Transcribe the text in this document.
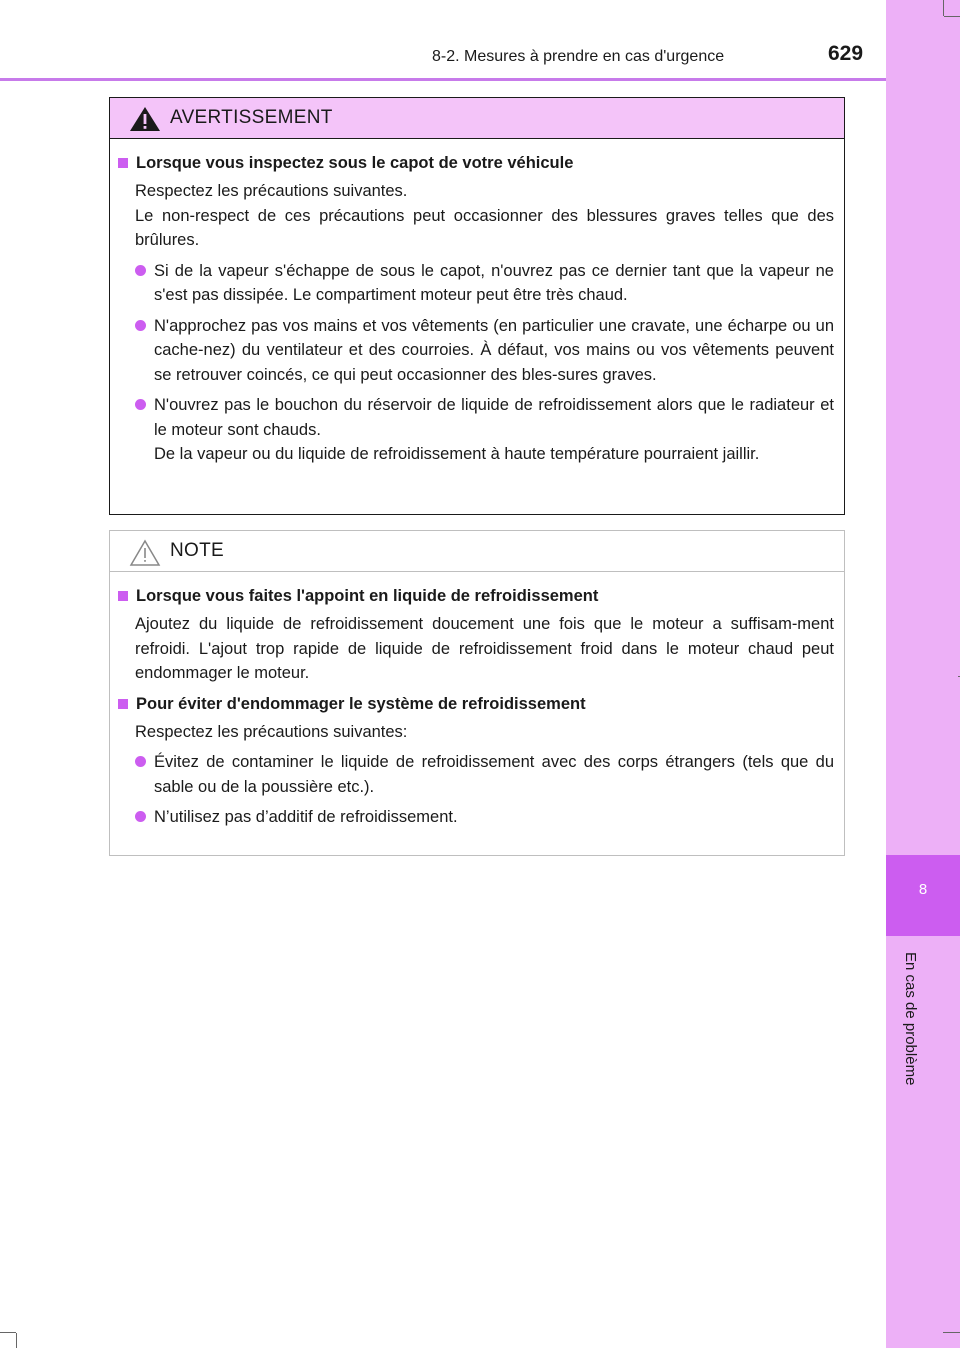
8-2. Mesures à prendre en cas d'urgence	629
8
En cas de problème
AVERTISSEMENT
Lorsque vous inspectez sous le capot de votre véhicule
Respectez les précautions suivantes.
Le non-respect de ces précautions peut occasionner des blessures graves telles que des brûlures.
Si de la vapeur s'échappe de sous le capot, n'ouvrez pas ce dernier tant que la vapeur ne s'est pas dissipée. Le compartiment moteur peut être très chaud.
N'approchez pas vos mains et vos vêtements (en particulier une cravate, une écharpe ou un cache-nez) du ventilateur et des courroies. À défaut, vos mains ou vos vêtements peuvent se retrouver coincés, ce qui peut occasionner des bles-sures graves.
N'ouvrez pas le bouchon du réservoir de liquide de refroidissement alors que le radiateur et le moteur sont chauds.
De la vapeur ou du liquide de refroidissement à haute température pourraient jaillir.
NOTE
Lorsque vous faites l'appoint en liquide de refroidissement
Ajoutez du liquide de refroidissement doucement une fois que le moteur a suffisam-ment refroidi. L'ajout trop rapide de liquide de refroidissement froid dans le moteur chaud peut endommager le moteur.
Pour éviter d'endommager le système de refroidissement
Respectez les précautions suivantes:
Évitez de contaminer le liquide de refroidissement avec des corps étrangers (tels que du sable ou de la poussière etc.).
N’utilisez pas d’additif de refroidissement.
